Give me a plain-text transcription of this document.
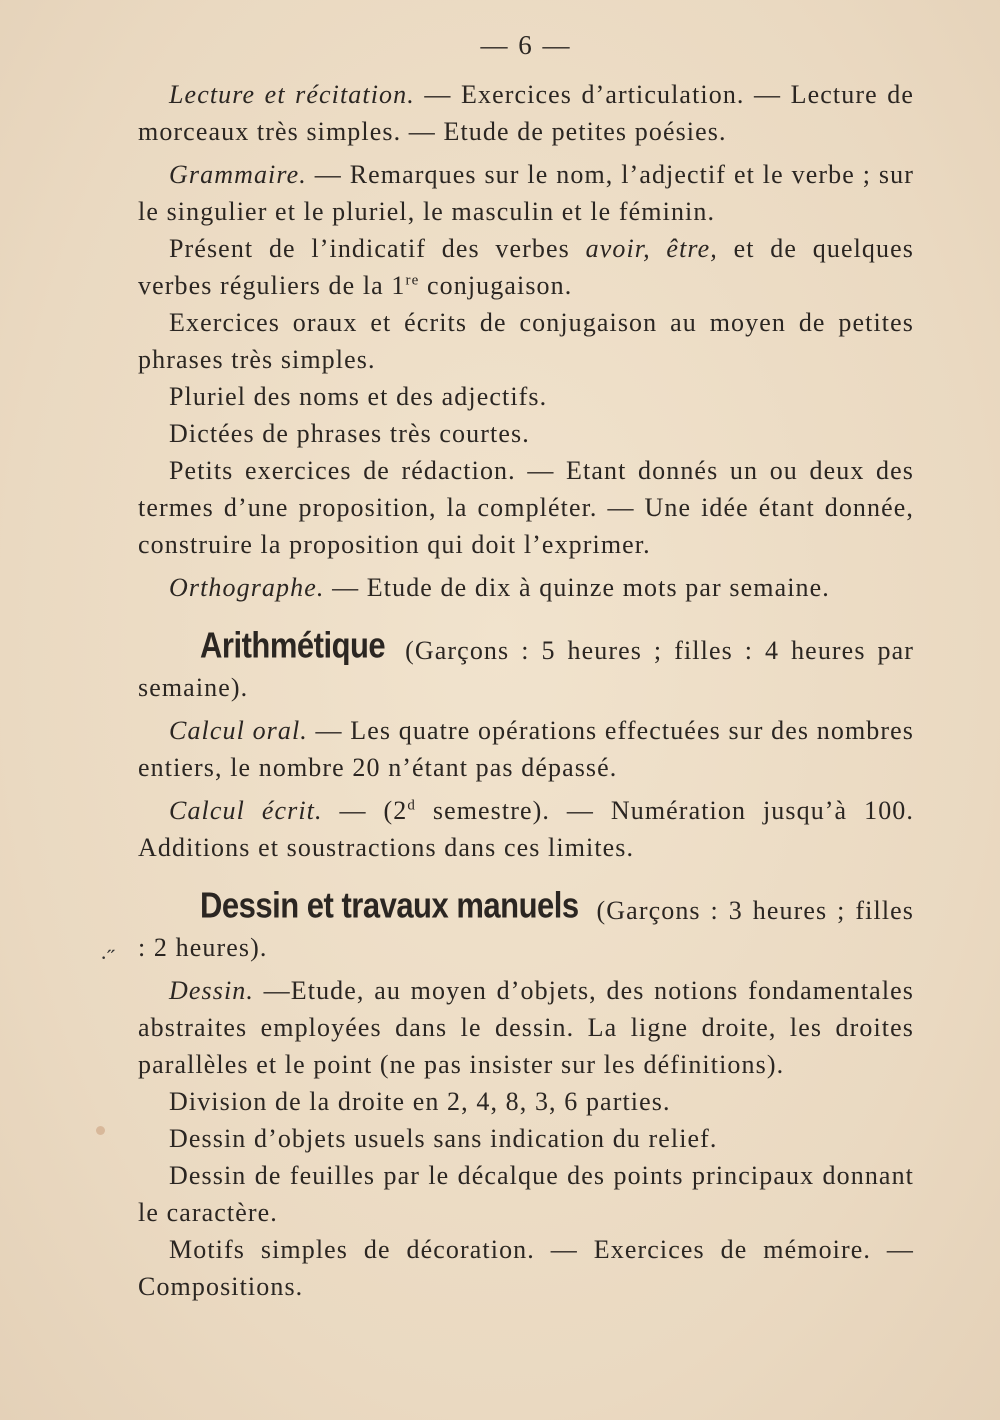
— 6 —

Lecture et récitation. — Exercices d’articulation. — Lecture de morceaux très simples. — Etude de petites poésies.

Grammaire. — Remarques sur le nom, l’adjectif et le verbe ; sur le singulier et le pluriel, le masculin et le féminin.

Présent de l’indicatif des verbes avoir, être, et de quelques verbes réguliers de la 1re conjugaison.

Exercices oraux et écrits de conjugaison au moyen de petites phrases très simples.

Pluriel des noms et des adjectifs.

Dictées de phrases très courtes.

Petits exercices de rédaction. — Etant donnés un ou deux des termes d’une proposition, la compléter. — Une idée étant donnée, construire la proposition qui doit l’exprimer.

Orthographe. — Etude de dix à quinze mots par semaine.

Arithmétique (Garçons : 5 heures ; filles : 4 heures par semaine).

Calcul oral. — Les quatre opérations effectuées sur des nombres entiers, le nombre 20 n’étant pas dépassé.

Calcul écrit. — (2$^d$ semestre). — Numération jusqu’à 100. Additions et soustractions dans ces limites.

Dessin et travaux manuels (Garçons : 3 heures ; filles : 2 heures).

Dessin. —Etude, au moyen d’objets, des notions fondamentales abstraites employées dans le dessin. La ligne droite, les droites parallèles et le point (ne pas insister sur les définitions).

Division de la droite en 2, 4, 8, 3, 6 parties.

Dessin d’objets usuels sans indication du relief.

Dessin de feuilles par le décalque des points principaux donnant le caractère.

Motifs simples de décoration. — Exercices de mémoire. — Compositions.

·˝
